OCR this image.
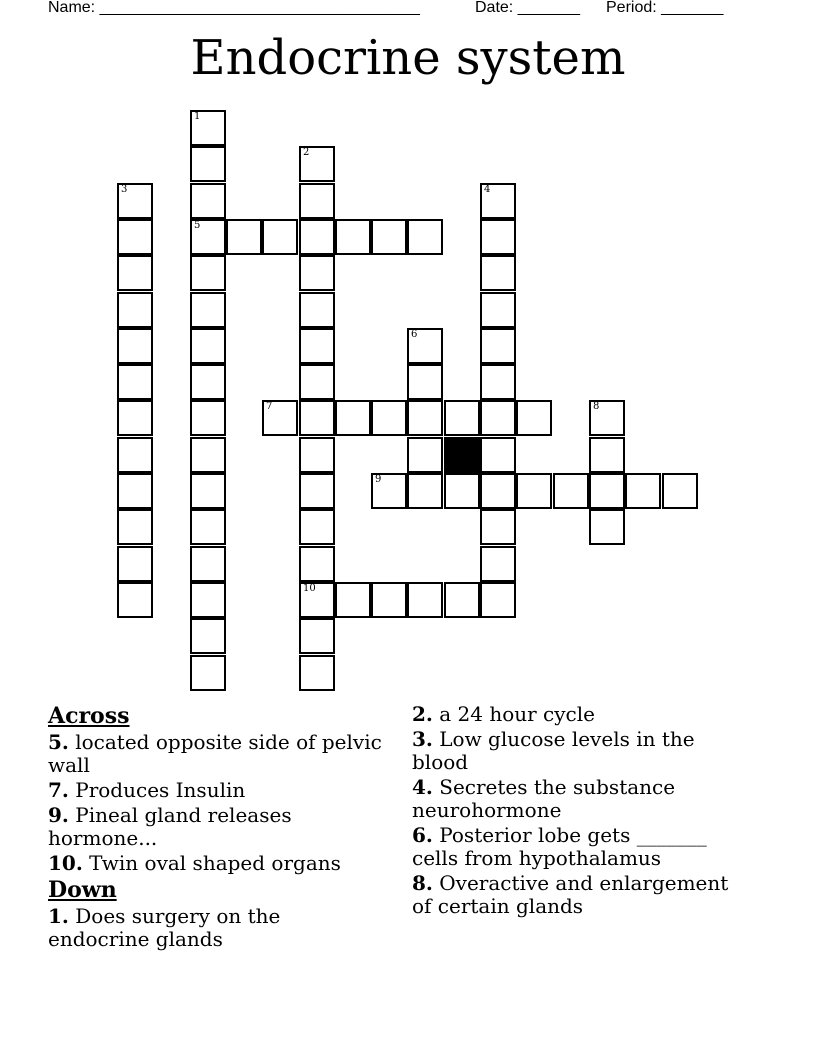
Name: ____________________________________	Date: _______ Period: _______
Endocrine system
1
5
2
10
3	4
6
7	8
9
Across
5. located opposite side of pelvic wall
7. Produces Insulin
9. Pineal gland releases hormone...
10. Twin oval shaped organs
Down
1. Does surgery on the endocrine glands
2. a 24 hour cycle
3. Low glucose levels in the blood
4. Secretes the substance neurohormone
6. Posterior lobe gets _______ cells from hypothalamus
8. Overactive and enlargement of certain glands
